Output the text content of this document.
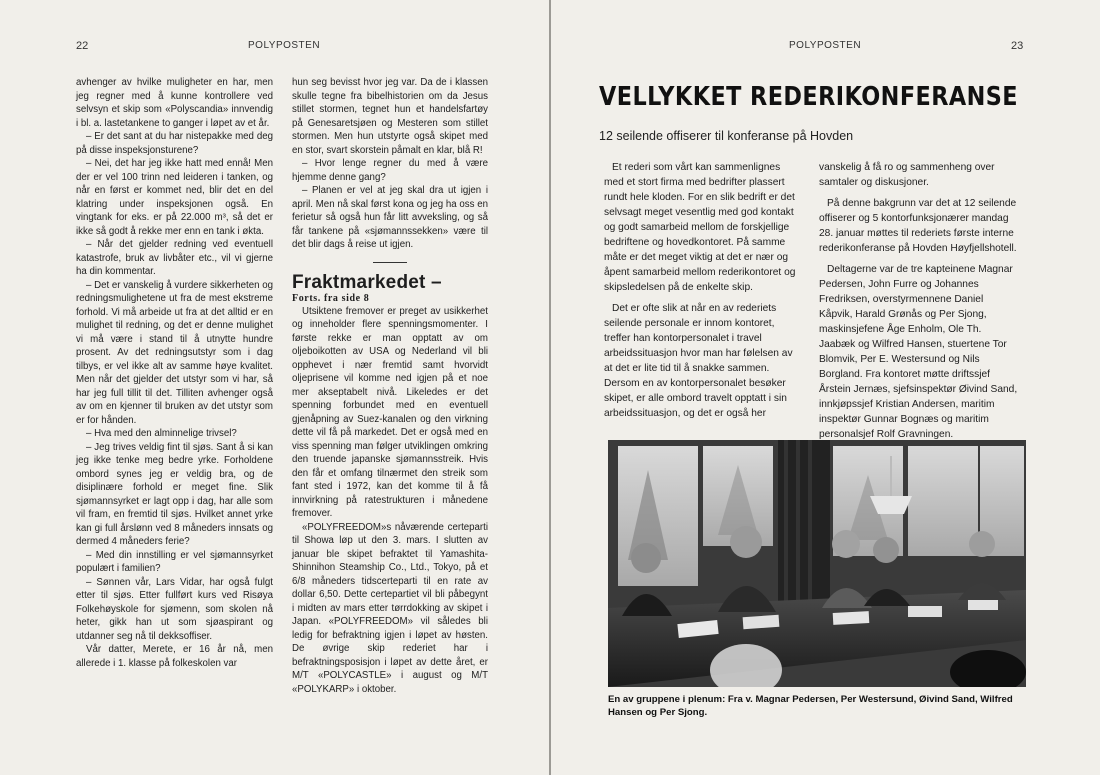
22	POLYPOSTEN

avhenger av hvilke muligheter en har, men jeg regner med å kunne kontrollere ved selvsyn et skip som «Polyscandia» innvendig i bl. a. lastetankene to ganger i løpet av et år.

– Er det sant at du har nistepakke med deg på disse inspeksjonsturene?

– Nei, det har jeg ikke hatt med ennå! Men der er vel 100 trinn ned leideren i tanken, og når en først er kommet ned, blir det en del klatring under inspeksjonen også. En vingtank for eks. er på 22.000 m³, så det er ikke så godt å rekke mer enn en tank i økta.

– Når det gjelder redning ved eventuell katastrofe, bruk av livbåter etc., vil vi gjerne ha din kommentar.

– Det er vanskelig å vurdere sikkerheten og redningsmulighetene ut fra de mest ekstreme forhold. Vi må arbeide ut fra at det alltid er en mulighet til redning, og det er denne mulighet vi må være i stand til å utnytte hundre prosent. Av det redningsutstyr som i dag tilbys, er vel ikke alt av samme høye kvalitet. Men når det gjelder det utstyr som vi har, så har jeg full tillit til det. Tilliten avhenger også av om en kjenner til bruken av det utstyr som er for hånden.

– Hva med den alminnelige trivsel?

– Jeg trives veldig fint til sjøs. Sant å si kan jeg ikke tenke meg bedre yrke. Forholdene ombord synes jeg er veldig bra, og de disiplinære forhold er meget fine. Slik sjømannsyrket er lagt opp i dag, har alle som vil fram, en fremtid til sjøs. Hvilket annet yrke kan gi full årslønn ved 8 måneders innsats og dermed 4 måneders ferie?

– Med din innstilling er vel sjømannsyrket populært i familien?

– Sønnen vår, Lars Vidar, har også fulgt etter til sjøs. Etter fullført kurs ved Risøya Folkehøyskole for sjømenn, som skolen nå heter, gikk han ut som sjøaspirant og utdanner seg nå til dekksoffiser.

Vår datter, Merete, er 16 år nå, men allerede i 1. klasse på folkeskolen var

hun seg bevisst hvor jeg var. Da de i klassen skulle tegne fra bibelhistorien om da Jesus stillet stormen, tegnet hun et handelsfartøy på Genesaretsjøen og Mesteren som stillet stormen. Men hun utstyrte også skipet med en stor, svart skorstein påmalt en klar, blå R!

– Hvor lenge regner du med å være hjemme denne gang?

– Planen er vel at jeg skal dra ut igjen i april. Men nå skal først kona og jeg ha oss en ferietur så også hun får litt avveksling, og så får tankene på «sjømannssekken» være til det blir dags å reise ut igjen.

Fraktmarkedet –
Forts. fra side 8

Utsiktene fremover er preget av usikkerhet og inneholder flere spenningsmomenter. I første rekke er man opptatt av om oljeboikotten av USA og Nederland vil bli opphevet i nær fremtid samt hvorvidt oljeprisene vil komme ned igjen på et noe mer akseptabelt nivå. Likeledes er det spenning forbundet med en eventuell gjenåpning av Suez-kanalen og den virkning dette vil få på markedet. Det er også med en viss spenning man følger utviklingen omkring den truende japanske sjømannsstreik. Hvis den får et omfang tilnærmet den streik som fant sted i 1972, kan det komme til å få innvirkning på ratestrukturen i månedene fremover.

«POLYFREEDOM»s nåværende certeparti til Showa løp ut den 3. mars. I slutten av januar ble skipet befraktet til Yamashita-Shinnihon Steamship Co., Ltd., Tokyo, på et 6/8 måneders tidscerteparti til en rate av dollar 6,50. Dette certepartiet vil bli påbegynt i midten av mars etter tørrdokking av skipet i Japan. «POLYFREEDOM» vil således bli ledig for befraktning igjen i løpet av høsten. De øvrige skip rederiet har i befraktningsposisjon i løpet av dette året, er M/T «POLYCASTLE» i august og M/T «POLYKARP» i oktober.

POLYPOSTEN	23
VELLYKKET REDERIKONFERANSE
12 seilende offiserer til konferanse på Hovden

Et rederi som vårt kan sammenlignes med et stort firma med bedrifter plassert rundt hele kloden. For en slik bedrift er det selvsagt meget vesentlig med god kontakt og godt samarbeid mellom de forskjellige bedriftene og hovedkontoret. På samme måte er det meget viktig at det er nær og åpent samarbeid mellom rederikontoret og skipsledelsen på de enkelte skip.

Det er ofte slik at når en av rederiets seilende personale er innom kontoret, treffer han kontorpersonalet i travel arbeidssituasjon hvor man har følelsen av at det er lite tid til å snakke sammen. Dersom en av kontorpersonalet besøker skipet, er alle ombord travelt opptatt i sin arbeidssituasjon, og det er også her

vanskelig å få ro og sammenheng over samtaler og diskusjoner.

På denne bakgrunn var det at 12 seilende offiserer og 5 kontorfunksjonærer mandag 28. januar møttes til rederiets første interne rederikonferanse på Hovden Høyfjellshotell.

Deltagerne var de tre kapteinene Magnar Pedersen, John Furre og Johannes Fredriksen, overstyrmennene Daniel Kåpvik, Harald Grønås og Per Sjong, maskinsjefene Åge Enholm, Ole Th. Jaabæk og Wilfred Hansen, stuertene Tor Blomvik, Per E. Westersund og Nils Borgland. Fra kontoret møtte driftssjef Årstein Jernæs, sjefsinspektør Øivind Sand, innkjøpssjef Kristian Andersen, maritim inspektør Gunnar Bognæs og maritim personalsjef Rolf Gravningen.

En av gruppene i plenum: Fra v. Magnar Pedersen, Per Westersund, Øivind Sand, Wilfred Hansen og Per Sjong.
